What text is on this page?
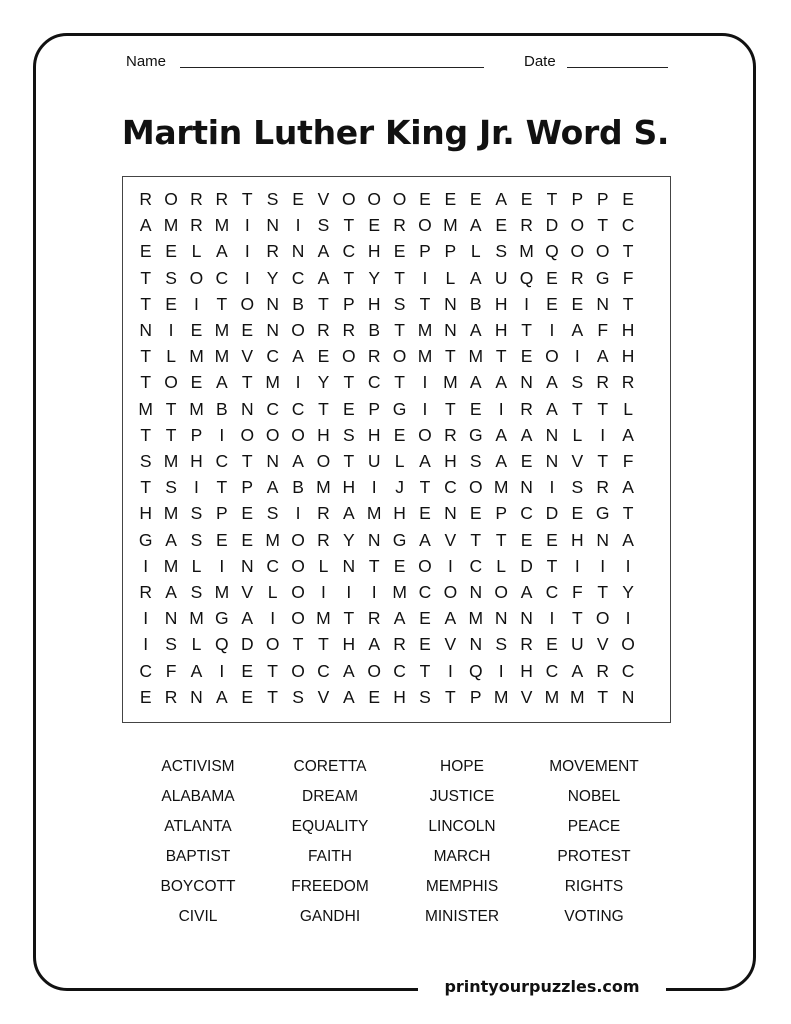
Name	Date
Martin Luther King Jr. Word S.
R O R R T S E V O O O E E E A E T P P E
A M R M I N I S T E R O M A E R D O T C
E E L A I R N A C H E P P L S M Q O O T
T S O C I Y C A T Y T	I	L A U Q E R G F
T E I	T O N B T P H S T N B H I E E N T
N I E M E N O R R B T M N A H T	I A F H
T L M M V C A E O R O M T M T E O I A H
T O E A T M I Y T C T	I M A A N A S R R
M T M B N C C T E P G I	T E I R A T T L
T T P I O O O H S H E O R G A A N L	I A
S M H C T N A O T U L A H S A E N V T F
T S I	T P A B M H I	J T C O M N I S R A
H M S P E S I R A M H E N E P C D E G T
G A S E E M O R Y N G A V T T E E H N A
I M L	I N C O L N T E O I C L D T	I	I	I
R A S M V L O I	I	I M C O N O A C F T Y
I N M G A I O M T R A E A M N N I	T O I
I S L Q D O T T H A R E V N S R E U V O
C F A I E T O C A O C T	I Q I H C A R C
E R N A E T S V A E H S T P M V M M T N
ACTIVISM	CORETTA	HOPE	MOVEMENT
ALABAMA	DREAM	JUSTICE	NOBEL
ATLANTA	EQUALITY	LINCOLN	PEACE
BAPTIST	FAITH	MARCH	PROTEST
BOYCOTT	FREEDOM	MEMPHIS	RIGHTS
CIVIL	GANDHI	MINISTER	VOTING
printyourpuzzles.com
